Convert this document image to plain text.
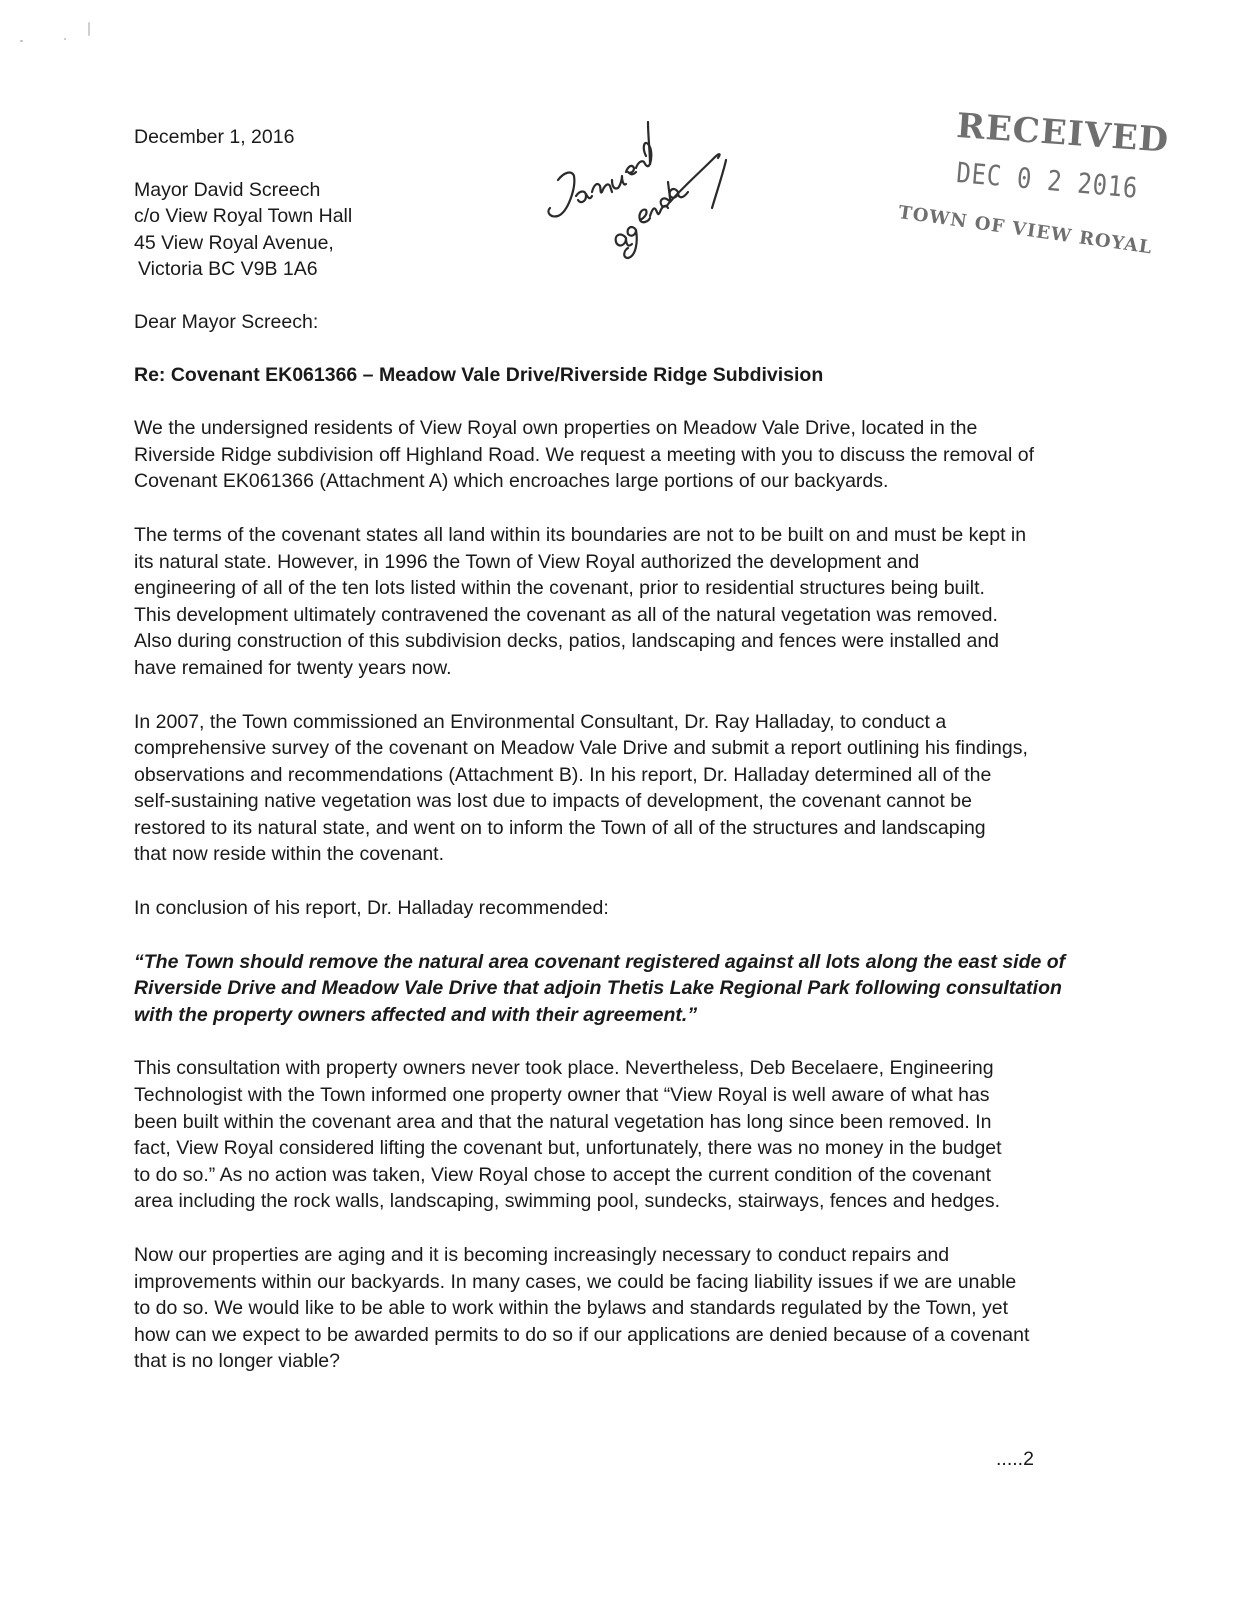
RECEIVED
DEC 0 2 2016
TOWN OF VIEW ROYAL

December 1, 2016

Mayor David Screech

c/o View Royal Town Hall

45 View Royal Avenue,

Victoria BC V9B 1A6

Dear Mayor Screech:

Re: Covenant EK061366 – Meadow Vale Drive/Riverside Ridge Subdivision

We the undersigned residents of View Royal own properties on Meadow Vale Drive, located in the

Riverside Ridge subdivision off Highland Road. We request a meeting with you to discuss the removal of

Covenant EK061366 (Attachment A) which encroaches large portions of our backyards.

The terms of the covenant states all land within its boundaries are not to be built on and must be kept in

its natural state. However, in 1996 the Town of View Royal authorized the development and

engineering of all of the ten lots listed within the covenant, prior to residential structures being built.

This development ultimately contravened the covenant as all of the natural vegetation was removed.

Also during construction of this subdivision decks, patios, landscaping and fences were installed and

have remained for twenty years now.

In 2007, the Town commissioned an Environmental Consultant, Dr. Ray Halladay, to conduct a

comprehensive survey of the covenant on Meadow Vale Drive and submit a report outlining his findings,

observations and recommendations (Attachment B). In his report, Dr. Halladay determined all of the

self-sustaining native vegetation was lost due to impacts of development, the covenant cannot be

restored to its natural state, and went on to inform the Town of all of the structures and landscaping

that now reside within the covenant.

In conclusion of his report, Dr. Halladay recommended:

“The Town should remove the natural area covenant registered against all lots along the east side of

Riverside Drive and Meadow Vale Drive that adjoin Thetis Lake Regional Park following consultation

with the property owners affected and with their agreement.”

This consultation with property owners never took place. Nevertheless, Deb Becelaere, Engineering

Technologist with the Town informed one property owner that “View Royal is well aware of what has

been built within the covenant area and that the natural vegetation has long since been removed. In

fact, View Royal considered lifting the covenant but, unfortunately, there was no money in the budget

to do so.” As no action was taken, View Royal chose to accept the current condition of the covenant

area including the rock walls, landscaping, swimming pool, sundecks, stairways, fences and hedges.

Now our properties are aging and it is becoming increasingly necessary to conduct repairs and

improvements within our backyards. In many cases, we could be facing liability issues if we are unable

to do so. We would like to be able to work within the bylaws and standards regulated by the Town, yet

how can we expect to be awarded permits to do so if our applications are denied because of a covenant

that is no longer viable?

.....2
